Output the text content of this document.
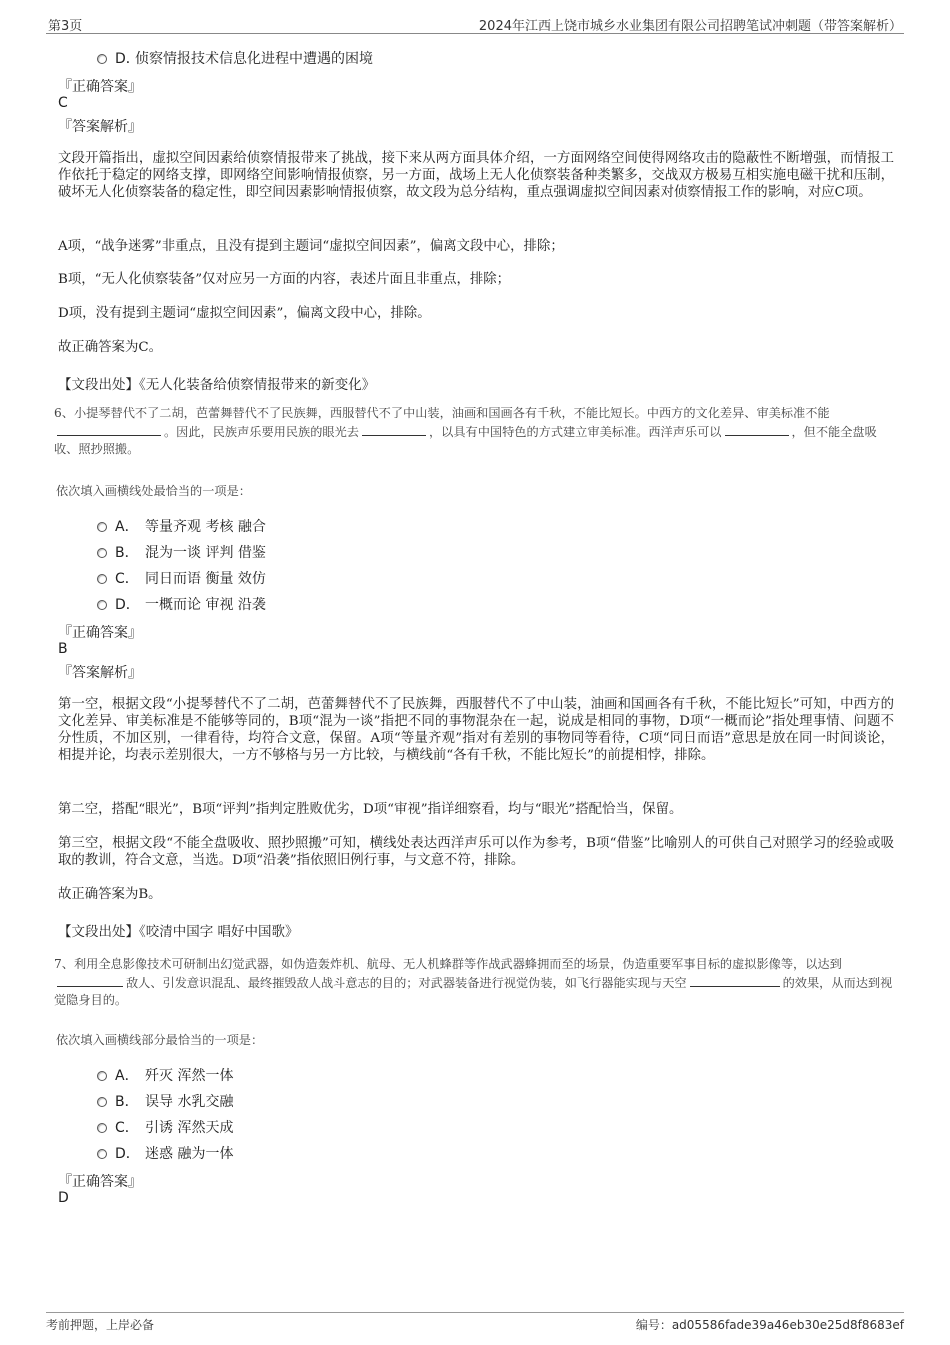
第3页	2024年江西上饶市城乡水业集团有限公司招聘笔试冲刺题（带答案解析）
D．
侦察情报技术信息化进程中遭遇的困境
『正确答案』
C
『答案解析』

文段开篇指出，虚拟空间因素给侦察情报带来了挑战，接下来从两方面具体介绍，一方面网络空间使得网络攻击的隐蔽性不断增强，而情报工作依托于稳定的网络支撑，即网络空间影响情报侦察，另一方面，战场上无人化侦察装备种类繁多，交战双方极易互相实施电磁干扰和压制，破坏无人化侦察装备的稳定性，即空间因素影响情报侦察，故文段为总分结构，重点强调虚拟空间因素对侦察情报工作的影响，对应C项。

A项，“战争迷雾”非重点，且没有提到主题词“虚拟空间因素”，偏离文段中心，排除；

B项，“无人化侦察装备”仅对应另一方面的内容，表述片面且非重点，排除；

D项，没有提到主题词“虚拟空间因素”，偏离文段中心，排除。

故正确答案为C。

【文段出处】《无人化装备给侦察情报带来的新变化》

6、小提琴替代不了二胡，芭蕾舞替代不了民族舞，西服替代不了中山装，油画和国画各有千秋，不能比短长。中西方的文化差异、审美标准不能。因此，民族声乐要用民族的眼光去	，以具有中国特色的方式建立审美标准。西洋声乐可以	，但不能全盘吸收、照抄照搬。

依次填入画横线处最恰当的一项是：
A． 等量齐观 考核 融合
B． 混为一谈 评判 借鉴
C． 同日而语 衡量 效仿
D． 一概而论 审视 沿袭
『正确答案』
B
『答案解析』

第一空，根据文段“小提琴替代不了二胡，芭蕾舞替代不了民族舞，西服替代不了中山装，油画和国画各有千秋，不能比短长”可知，中西方的文化差异、审美标准是不能够等同的，B项“混为一谈”指把不同的事物混杂在一起，说成是相同的事物，D项“一概而论”指处理事情、问题不分性质，不加区别，一律看待，均符合文意，保留。A项“等量齐观”指对有差别的事物同等看待，C项“同日而语”意思是放在同一时间谈论，相提并论，均表示差别很大，一方不够格与另一方比较，与横线前“各有千秋，不能比短长”的前提相悖，排除。

第二空，搭配“眼光”，B项“评判”指判定胜败优劣，D项“审视”指详细察看，均与“眼光”搭配恰当，保留。

第三空，根据文段“不能全盘吸收、照抄照搬”可知，横线处表达西洋声乐可以作为参考，B项“借鉴”比喻别人的可供自己对照学习的经验或吸取的教训，符合文意，当选。D项“沿袭”指依照旧例行事，与文意不符，排除。

故正确答案为B。

【文段出处】《咬清中国字 唱好中国歌》

7、利用全息影像技术可研制出幻觉武器，如伪造轰炸机、航母、无人机蜂群等作战武器蜂拥而至的场景，伪造重要军事目标的虚拟影像等，以达到敌人、引发意识混乱、最终摧毁敌人战斗意志的目的；对武器装备进行视觉伪装，如飞行器能实现与天空	的效果，从而达到视觉隐身目的。

依次填入画横线部分最恰当的一项是：
A． 歼灭 浑然一体
B． 误导 水乳交融
C． 引诱 浑然天成
D． 迷惑 融为一体
『正确答案』
D
考前押题，上岸必备	编号：ad05586fade39a46eb30e25d8f8683ef
